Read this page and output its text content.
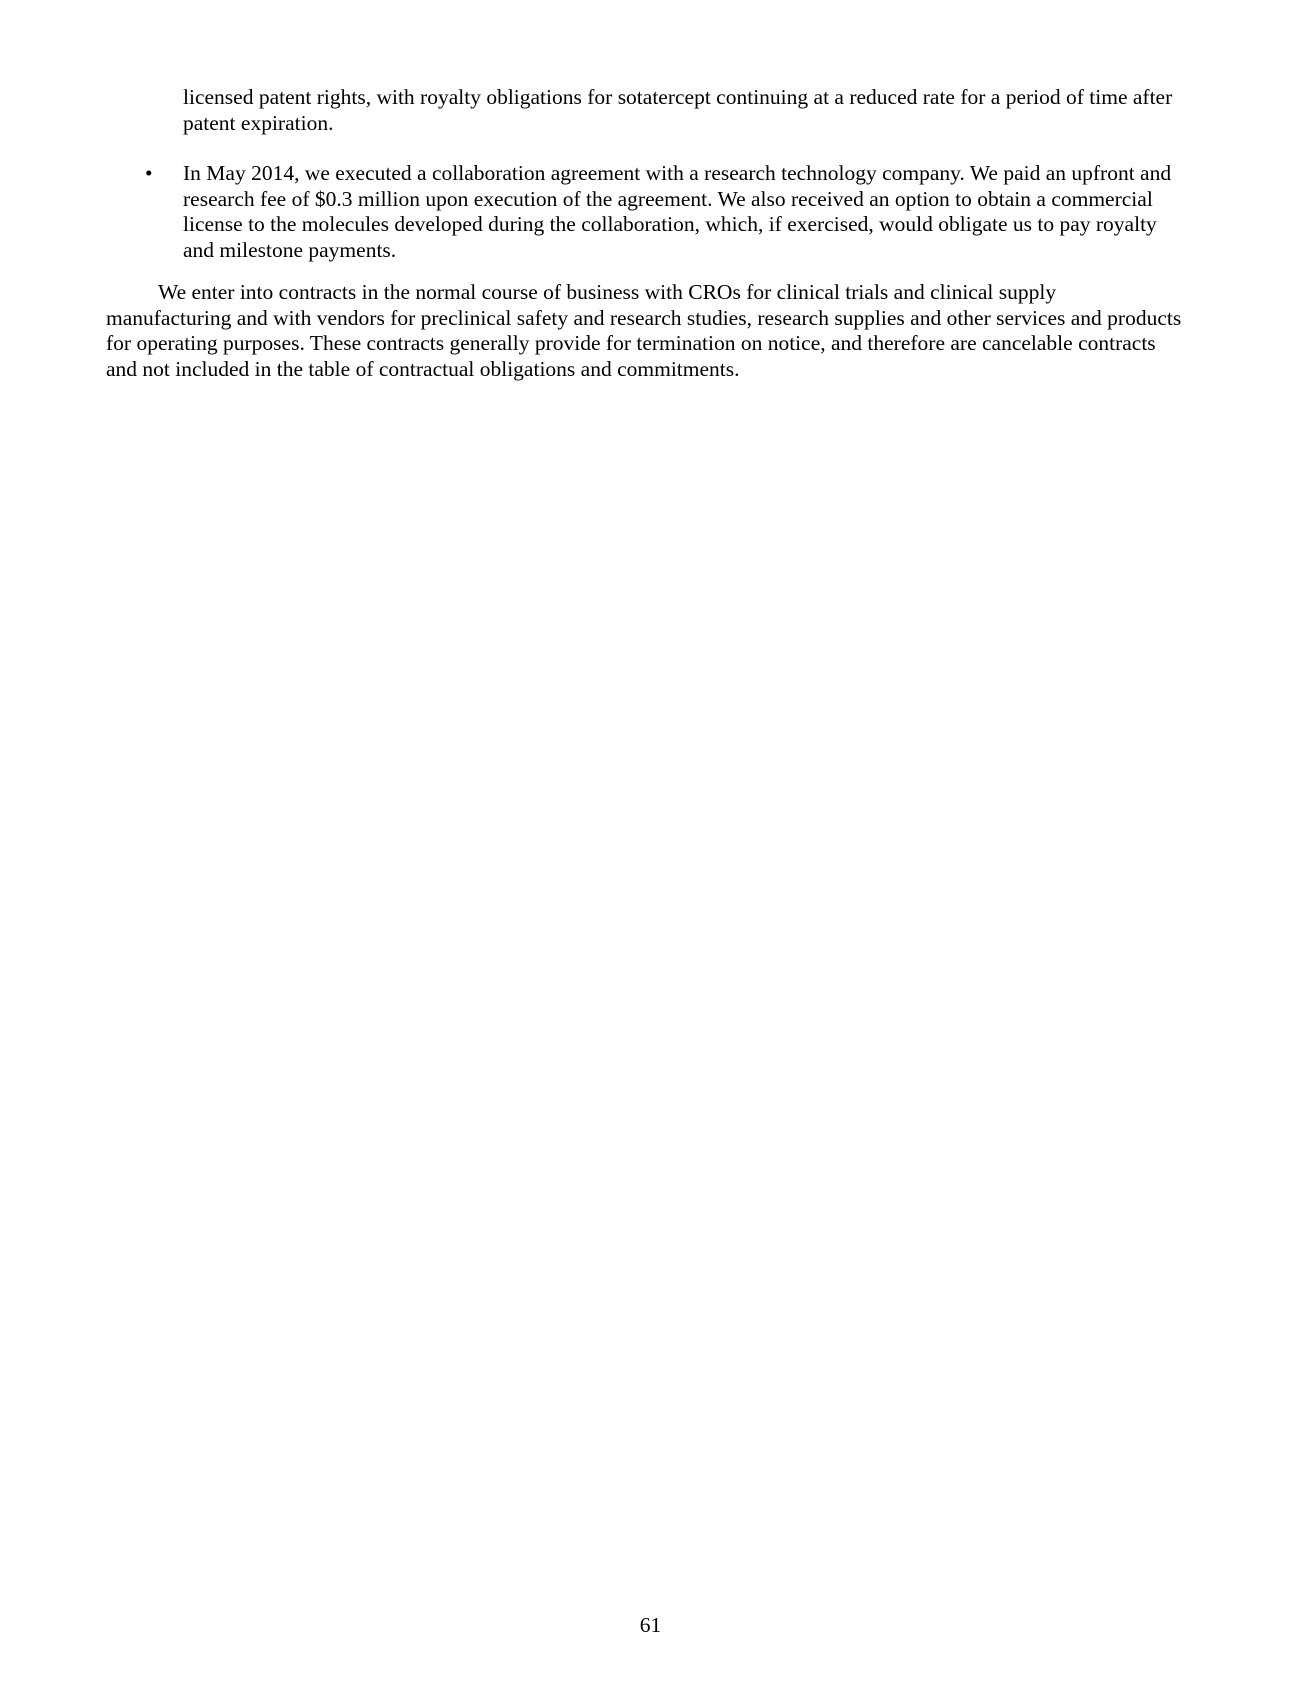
licensed patent rights, with royalty obligations for sotatercept continuing at a reduced rate for a period of time after patent expiration.

• In May 2014, we executed a collaboration agreement with a research technology company. We paid an upfront and research fee of $0.3 million upon execution of the agreement. We also received an option to obtain a commercial license to the molecules developed during the collaboration, which, if exercised, would obligate us to pay royalty and milestone payments.

We enter into contracts in the normal course of business with CROs for clinical trials and clinical supply manufacturing and with vendors for preclinical safety and research studies, research supplies and other services and products for operating purposes. These contracts generally provide for termination on notice, and therefore are cancelable contracts and not included in the table of contractual obligations and commitments.

61
